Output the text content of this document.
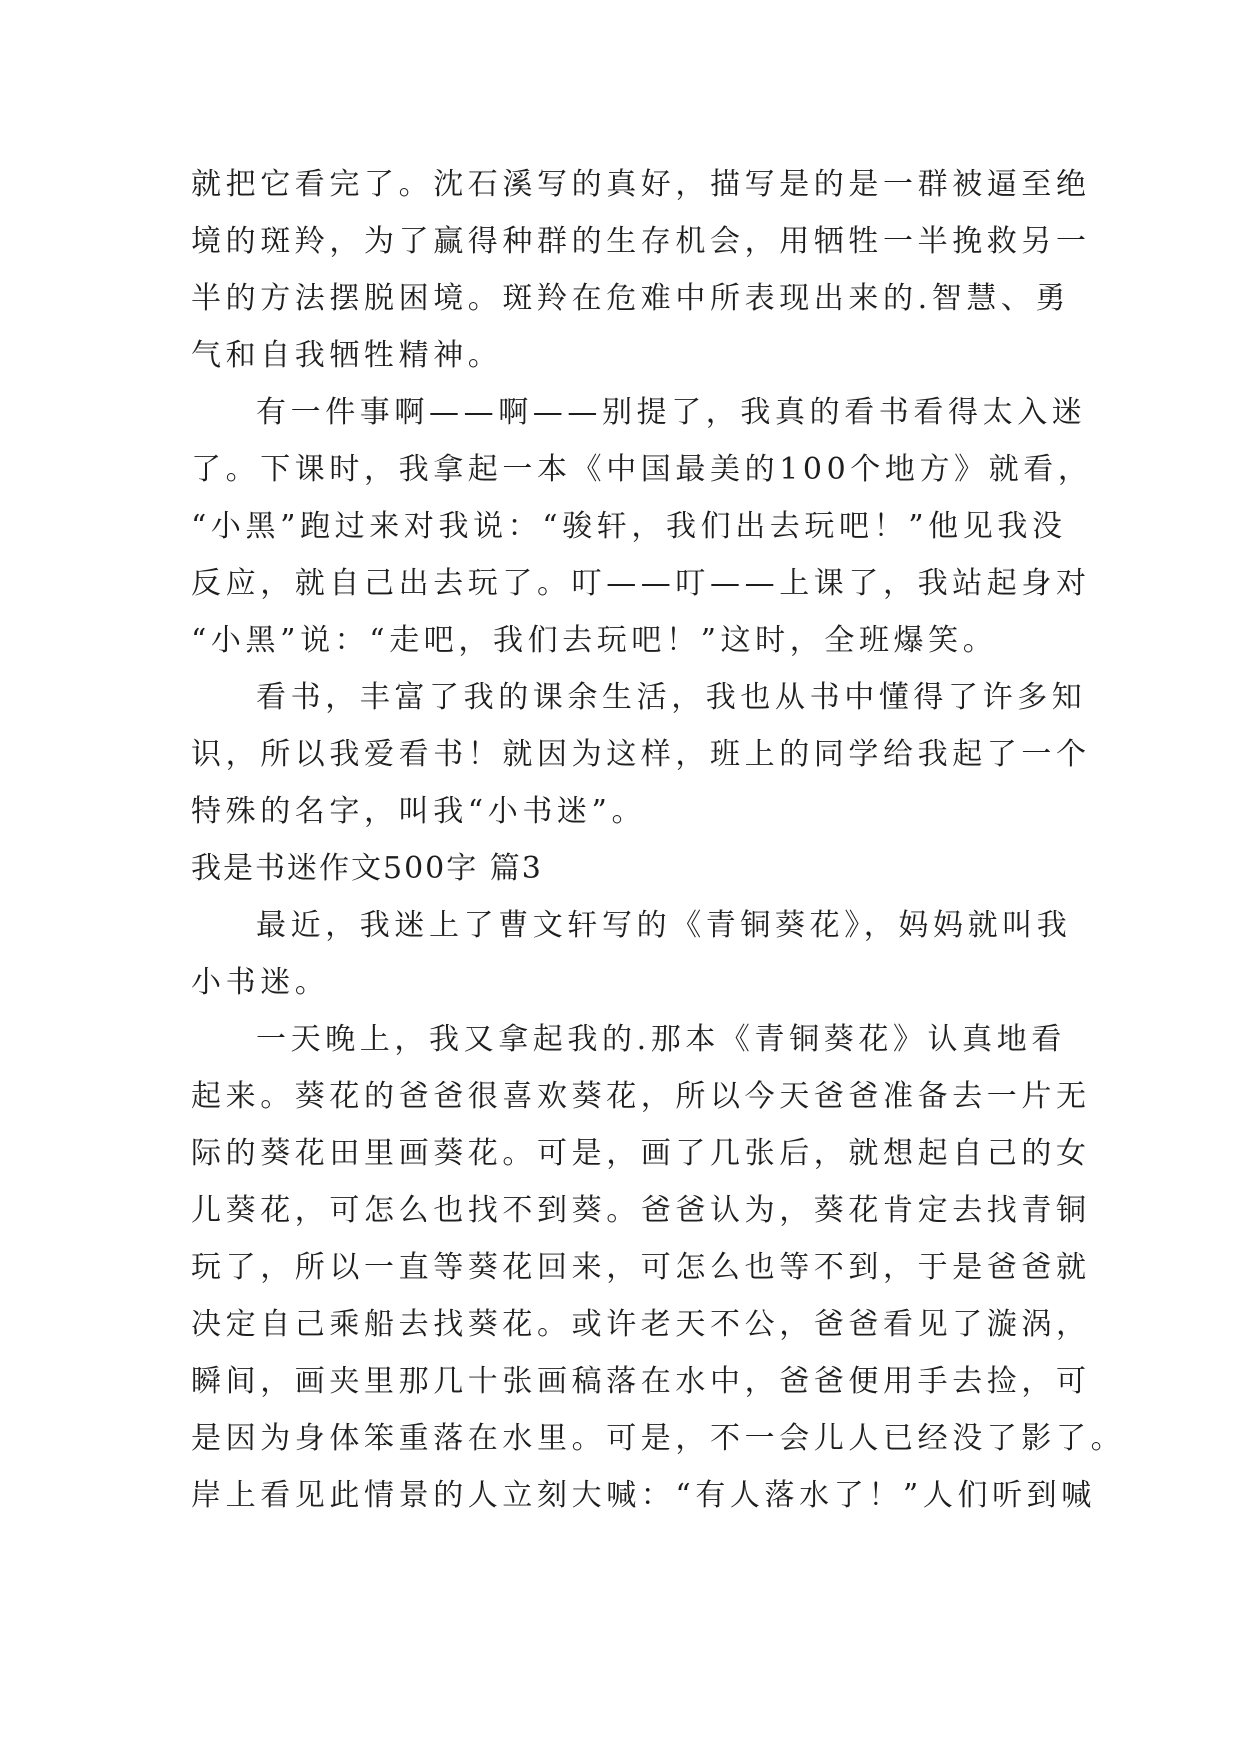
就把它看完了。沈石溪写的真好，描写是的是一群被逼至绝
境的斑羚，为了赢得种群的生存机会，用牺牲一半挽救另一
半的方法摆脱困境。斑羚在危难中所表现出来的.智慧、勇
气和自我牺牲精神。
有一件事啊——啊——别提了，我真的看书看得太入迷
了。下课时，我拿起一本《中国最美的100个地方》就看，
“小黑”跑过来对我说：“骏轩，我们出去玩吧！”他见我没
反应，就自己出去玩了。叮——叮——上课了，我站起身对
“小黑”说：“走吧，我们去玩吧！”这时，全班爆笑。
看书，丰富了我的课余生活，我也从书中懂得了许多知
识，所以我爱看书！就因为这样，班上的同学给我起了一个
特殊的名字，叫我“小书迷”。
我是书迷作文500字 篇3
最近，我迷上了曹文轩写的《青铜葵花》，妈妈就叫我
小书迷。
一天晚上，我又拿起我的.那本《青铜葵花》认真地看
起来。葵花的爸爸很喜欢葵花，所以今天爸爸准备去一片无
际的葵花田里画葵花。可是，画了几张后，就想起自己的女
儿葵花，可怎么也找不到葵。爸爸认为，葵花肯定去找青铜
玩了，所以一直等葵花回来，可怎么也等不到，于是爸爸就
决定自己乘船去找葵花。或许老天不公，爸爸看见了漩涡，
瞬间，画夹里那几十张画稿落在水中，爸爸便用手去捡，可
是因为身体笨重落在水里。可是，不一会儿人已经没了影了。
岸上看见此情景的人立刻大喊：“有人落水了！”人们听到喊
